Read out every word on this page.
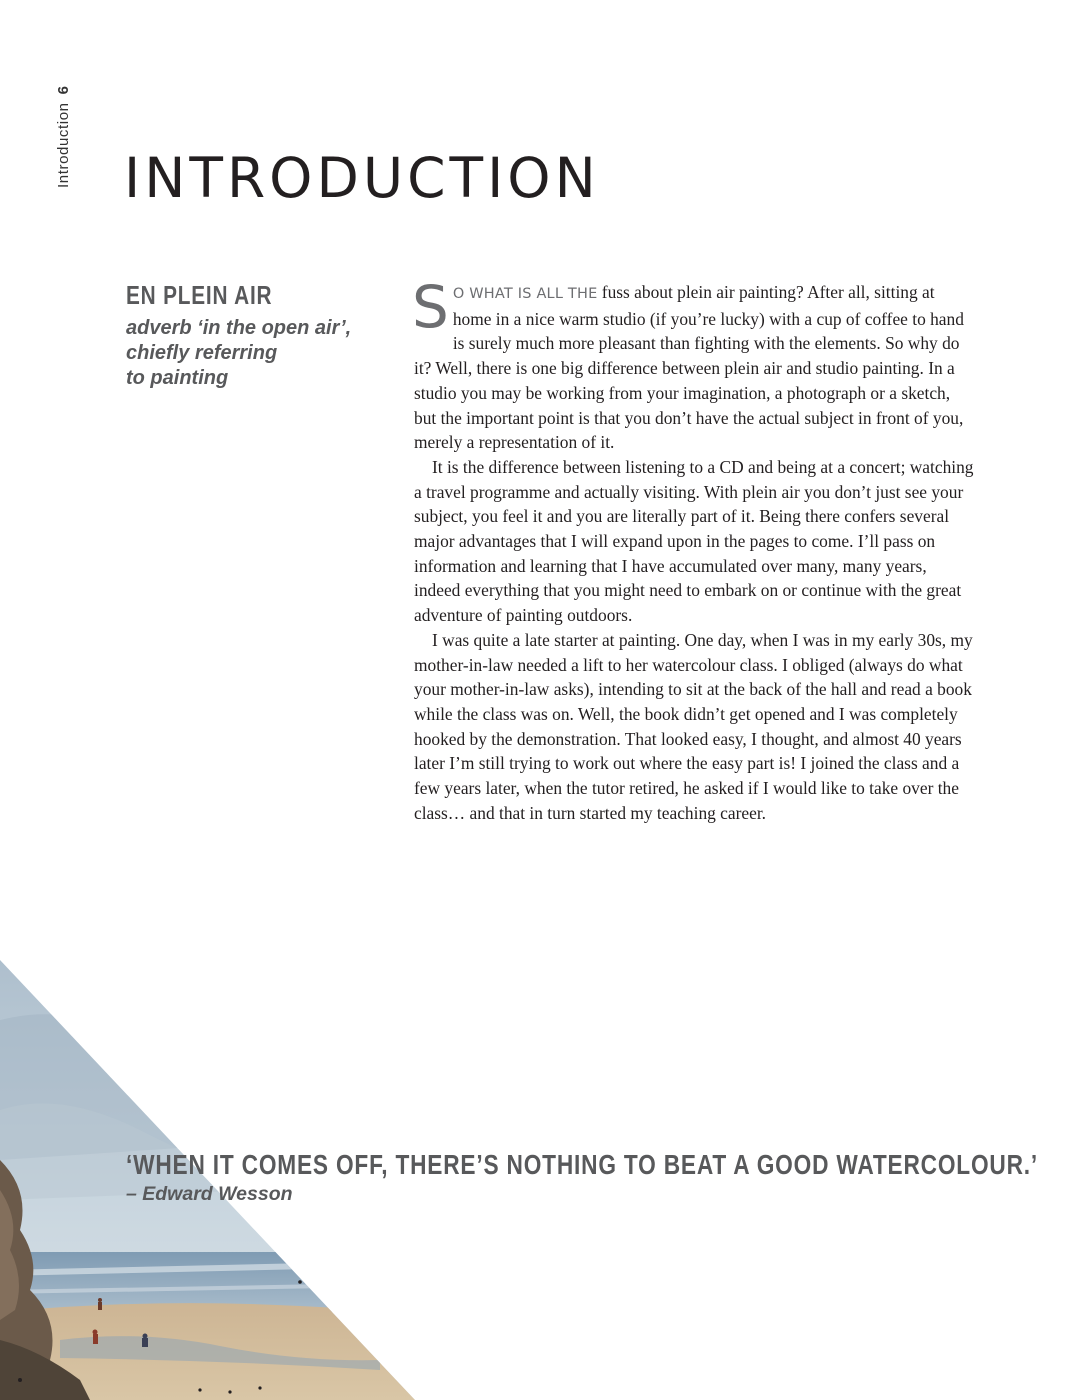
Introduction6
INTRODUCTION
EN PLEIN AIR

adverb ‘in the open air’,
chiefly referring
to painting

S O WHAT IS ALL THE fuss about plein air painting? After all, sitting at home in a nice warm studio (if you’re lucky) with a cup of coffee to hand is surely much more pleasant than fighting with the elements. So why do it? Well, there is one big difference between plein air and studio painting. In a studio you may be working from your imagination, a photograph or a sketch, but the important point is that you don’t have the actual subject in front of you, merely a representation of it.

It is the difference between listening to a CD and being at a concert; watching a travel programme and actually visiting. With plein air you don’t just see your subject, you feel it and you are literally part of it. Being there confers several major advantages that I will expand upon in the pages to come. I’ll pass on information and learning that I have accumulated over many, many years, indeed everything that you might need to embark on or continue with the great adventure of painting outdoors.

I was quite a late starter at painting. One day, when I was in my early 30s, my mother-in-law needed a lift to her watercolour class. I obliged (always do what your mother-in-law asks), intending to sit at the back of the hall and read a book while the class was on. Well, the book didn’t get opened and I was completely hooked by the demonstration. That looked easy, I thought, and almost 40 years later I’m still trying to work out where the easy part is! I joined the class and a few years later, when the tutor retired, he asked if I would like to take over the class… and that in turn started my teaching career.

‘WHEN IT COMES OFF, THERE’S NOTHING TO BEAT A GOOD WATERCOLOUR.’

– Edward Wesson
